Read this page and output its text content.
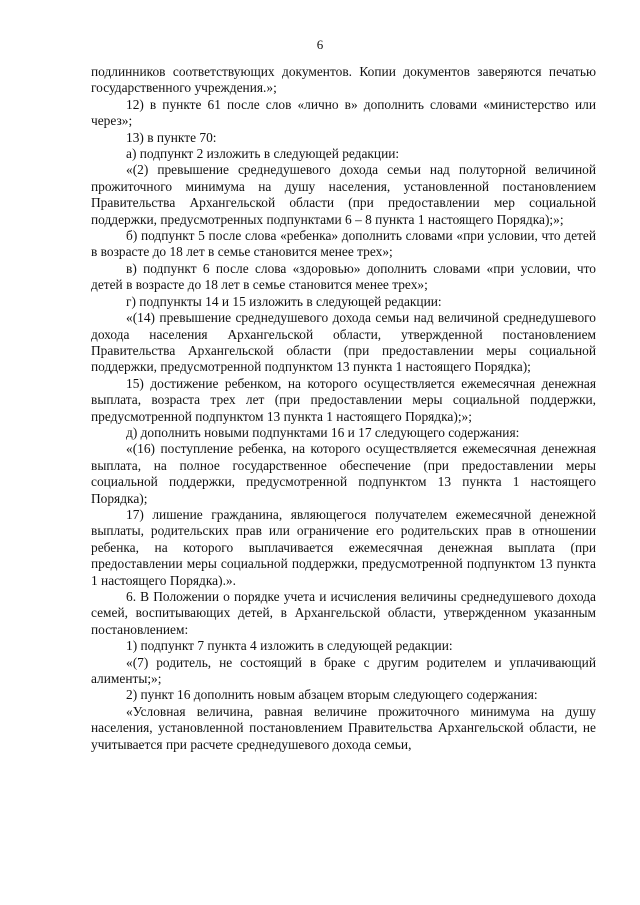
6

подлинников соответствующих документов. Копии документов заверяются печатью государственного учреждения.»;

12) в пункте 61 после слов «лично в» дополнить словами «министерство или через»;

13) в пункте 70:

а) подпункт 2 изложить в следующей редакции:

«(2) превышение среднедушевого дохода семьи над полуторной величиной прожиточного минимума на душу населения, установленной постановлением Правительства Архангельской области (при предоставлении мер социальной поддержки, предусмотренных подпунктами 6 – 8 пункта 1 настоящего Порядка);»;

б) подпункт 5 после слова «ребенка» дополнить словами «при условии, что детей в возрасте до 18 лет в семье становится менее трех»;

в) подпункт 6 после слова «здоровью» дополнить словами «при условии, что детей в возрасте до 18 лет в семье становится менее трех»;

г) подпункты 14 и 15 изложить в следующей редакции:

«(14) превышение среднедушевого дохода семьи над величиной среднедушевого дохода населения Архангельской области, утвержденной постановлением Правительства Архангельской области (при предоставлении меры социальной поддержки, предусмотренной подпунктом 13 пункта 1 настоящего Порядка);

15) достижение ребенком, на которого осуществляется ежемесячная денежная выплата, возраста трех лет (при предоставлении меры социальной поддержки, предусмотренной подпунктом 13 пункта 1 настоящего Порядка);»;

д) дополнить новыми подпунктами 16 и 17 следующего содержания:

«(16) поступление ребенка, на которого осуществляется ежемесячная денежная выплата, на полное государственное обеспечение (при предоставлении меры социальной поддержки, предусмотренной подпунктом 13 пункта 1 настоящего Порядка);

17) лишение гражданина, являющегося получателем ежемесячной денежной выплаты, родительских прав или ограничение его родительских прав в отношении ребенка, на которого выплачивается ежемесячная денежная выплата (при предоставлении меры социальной поддержки, предусмотренной подпунктом 13 пункта 1 настоящего Порядка).».

6. В Положении о порядке учета и исчисления величины среднедушевого дохода семей, воспитывающих детей, в Архангельской области, утвержденном указанным постановлением:

1) подпункт 7 пункта 4 изложить в следующей редакции:

«(7) родитель, не состоящий в браке с другим родителем и уплачивающий алименты;»;

2) пункт 16 дополнить новым абзацем вторым следующего содержания:

«Условная величина, равная величине прожиточного минимума на душу населения, установленной постановлением Правительства Архангельской области, не учитывается при расчете среднедушевого дохода семьи,
